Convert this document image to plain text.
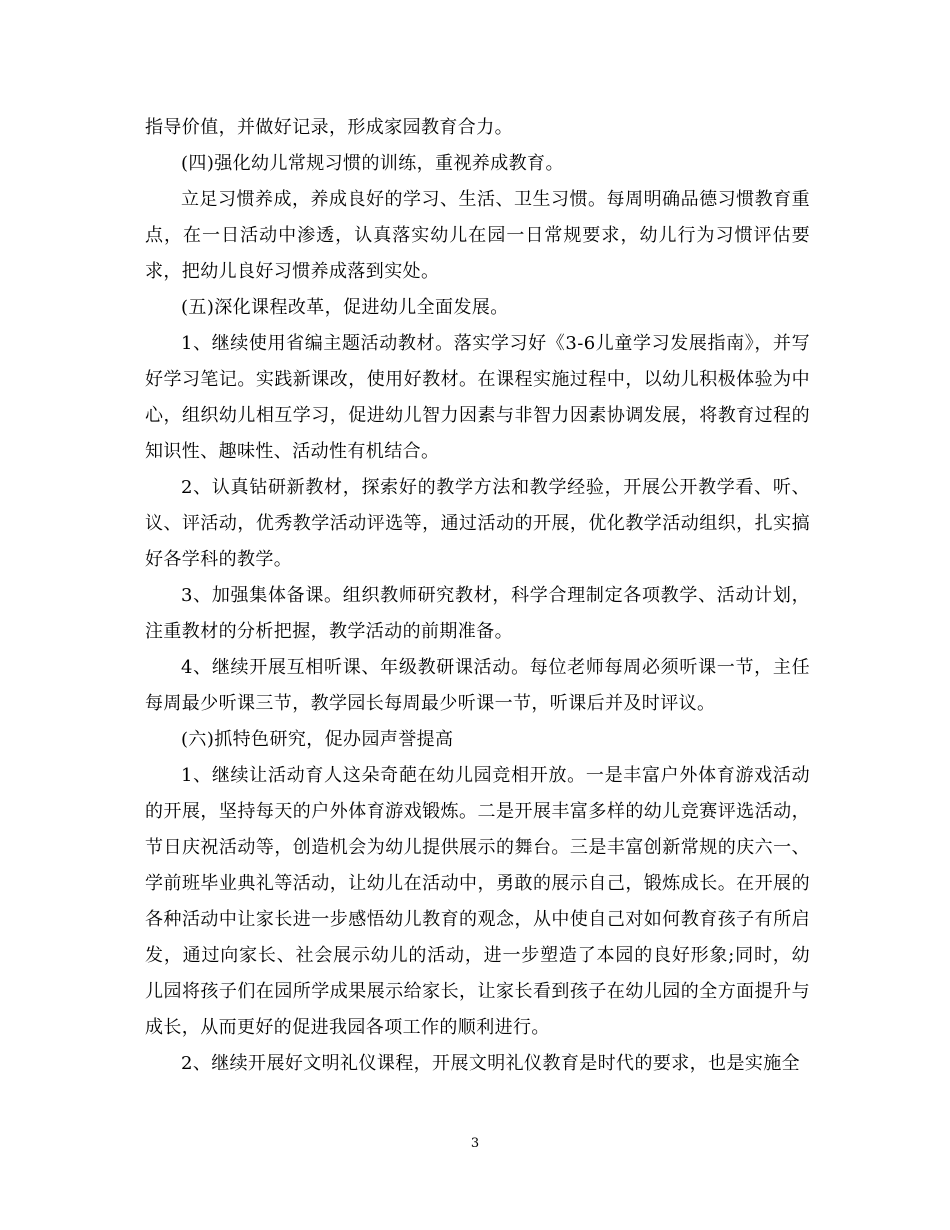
指导价值，并做好记录，形成家园教育合力。

(四)强化幼儿常规习惯的训练，重视养成教育。

立足习惯养成，养成良好的学习、生活、卫生习惯。每周明确品德习惯教育重点，在一日活动中渗透，认真落实幼儿在园一日常规要求，幼儿行为习惯评估要求，把幼儿良好习惯养成落到实处。

(五)深化课程改革，促进幼儿全面发展。

1、继续使用省编主题活动教材。落实学习好《3-6儿童学习发展指南》，并写好学习笔记。实践新课改，使用好教材。在课程实施过程中，以幼儿积极体验为中心，组织幼儿相互学习，促进幼儿智力因素与非智力因素协调发展，将教育过程的知识性、趣味性、活动性有机结合。

2、认真钻研新教材，探索好的教学方法和教学经验，开展公开教学看、听、议、评活动，优秀教学活动评选等，通过活动的开展，优化教学活动组织，扎实搞好各学科的教学。

3、加强集体备课。组织教师研究教材，科学合理制定各项教学、活动计划，注重教材的分析把握，教学活动的前期准备。

4、继续开展互相听课、年级教研课活动。每位老师每周必须听课一节，主任每周最少听课三节，教学园长每周最少听课一节，听课后并及时评议。

(六)抓特色研究，促办园声誉提高

1、继续让活动育人这朵奇葩在幼儿园竞相开放。一是丰富户外体育游戏活动的开展，坚持每天的户外体育游戏锻炼。二是开展丰富多样的幼儿竞赛评选活动，节日庆祝活动等，创造机会为幼儿提供展示的舞台。三是丰富创新常规的庆六一、学前班毕业典礼等活动，让幼儿在活动中，勇敢的展示自己，锻炼成长。在开展的各种活动中让家长进一步感悟幼儿教育的观念，从中使自己对如何教育孩子有所启发，通过向家长、社会展示幼儿的活动，进一步塑造了本园的良好形象;同时，幼儿园将孩子们在园所学成果展示给家长，让家长看到孩子在幼儿园的全方面提升与成长，从而更好的促进我园各项工作的顺利进行。

2、继续开展好文明礼仪课程，开展文明礼仪教育是时代的要求，也是实施全

3
